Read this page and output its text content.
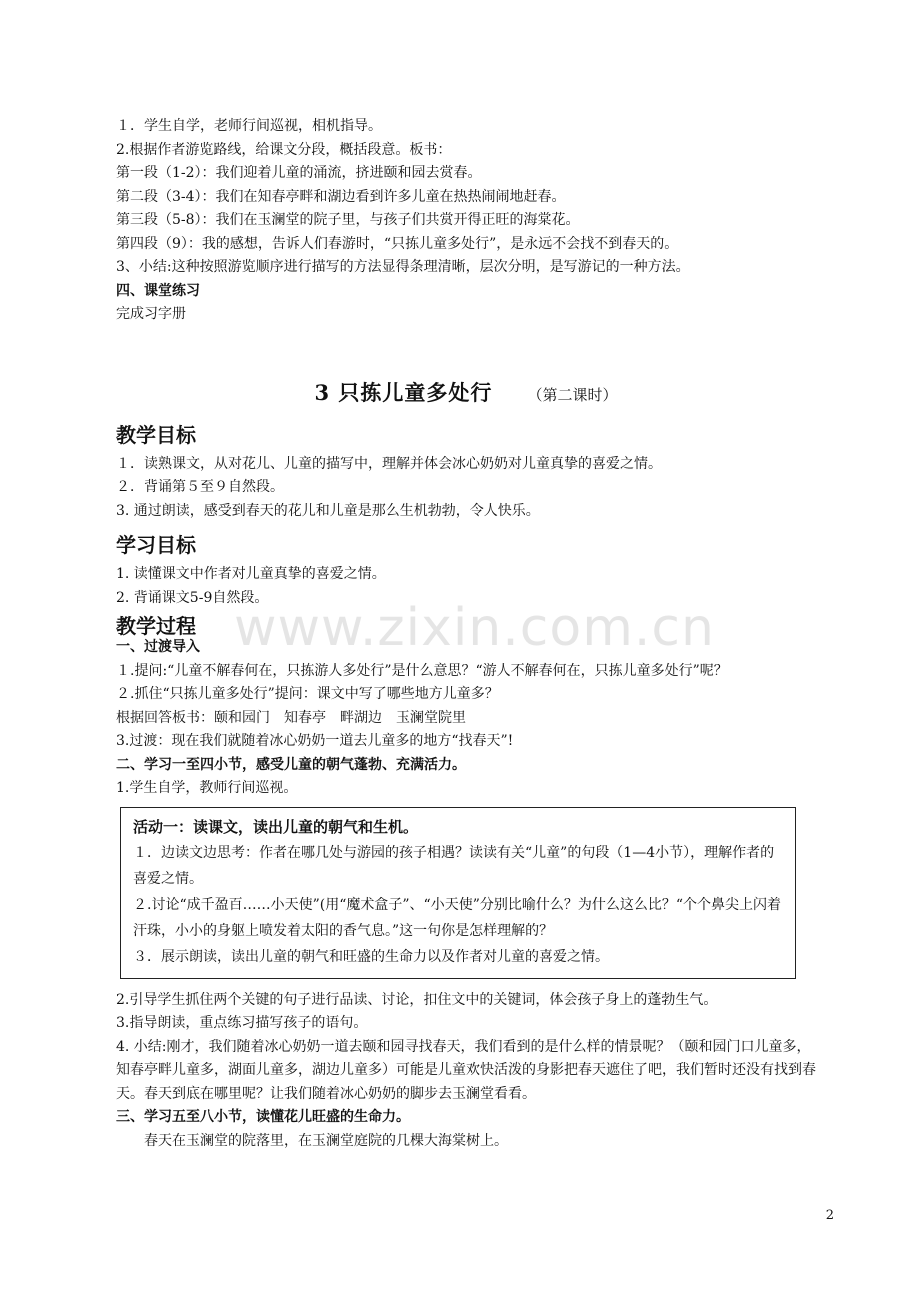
１．学生自学，老师行间巡视，相机指导。
2.根据作者游览路线，给课文分段，概括段意。板书：
第一段（1-2）：我们迎着儿童的涌流，挤进颐和园去赏春。
第二段（3-4）：我们在知春亭畔和湖边看到许多儿童在热热闹闹地赶春。
第三段（5-8）：我们在玉澜堂的院子里，与孩子们共赏开得正旺的海棠花。
第四段（9）：我的感想，告诉人们春游时，“只拣儿童多处行”，是永远不会找不到春天的。
3、小结:这种按照游览顺序进行描写的方法显得条理清晰，层次分明，是写游记的一种方法。
四、课堂练习
完成习字册
3 只拣儿童多处行 （第二课时）
教学目标
１．读熟课文，从对花儿、儿童的描写中，理解并体会冰心奶奶对儿童真挚的喜爱之情。
２．背诵第５至９自然段。
3. 通过朗读，感受到春天的花儿和儿童是那么生机勃勃，令人快乐。
学习目标
1. 读懂课文中作者对儿童真挚的喜爱之情。
2. 背诵课文5-9自然段。
教学过程
一、过渡导入
１.提问:“儿童不解春何在，只拣游人多处行”是什么意思？“游人不解春何在，只拣儿童多处行”呢？
２.抓住“只拣儿童多处行”提问：课文中写了哪些地方儿童多？
根据回答板书：颐和园门　知春亭　畔湖边　玉澜堂院里
3.过渡：现在我们就随着冰心奶奶一道去儿童多的地方“找春天”!
二、学习一至四小节，感受儿童的朝气蓬勃、充满活力。
1.学生自学，教师行间巡视。
活动一：读课文，读出儿童的朝气和生机。
１．边读文边思考：作者在哪几处与游园的孩子相遇？读读有关“儿童”的句段（1—4小节），理解作者的喜爱之情。
２.讨论“成千盈百……小天使”(用“魔术盒子”、“小天使”分别比喻什么？为什么这么比？“个个鼻尖上闪着汗珠，小小的身躯上喷发着太阳的香气息。”这一句你是怎样理解的？
３．展示朗读，读出儿童的朝气和旺盛的生命力以及作者对儿童的喜爱之情。
2.引导学生抓住两个关键的句子进行品读、讨论，扣住文中的关键词，体会孩子身上的蓬勃生气。
3.指导朗读，重点练习描写孩子的语句。
4. 小结:刚才，我们随着冰心奶奶一道去颐和园寻找春天，我们看到的是什么样的情景呢？（颐和园门口儿童多，知春亭畔儿童多，湖面儿童多，湖边儿童多）可能是儿童欢快活泼的身影把春天遮住了吧，我们暂时还没有找到春天。春天到底在哪里呢？让我们随着冰心奶奶的脚步去玉澜堂看看。
三、学习五至八小节，读懂花儿旺盛的生命力。
春天在玉澜堂的院落里，在玉澜堂庭院的几棵大海棠树上。
www.zixin.com.cn
2
